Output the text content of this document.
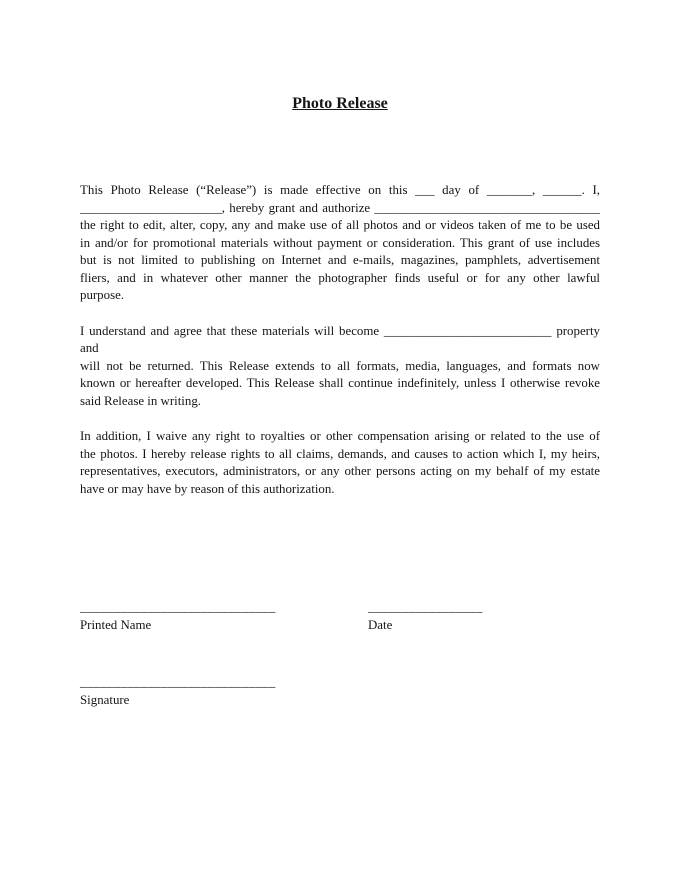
Photo Release
This Photo Release (“Release”) is made effective on this ___ day of _______, ______. I,
______________________, hereby grant and authorize ___________________________________
the right to edit, alter, copy, any and make use of all photos and or videos taken of me to be used
in and/or for promotional materials without payment or consideration. This grant of use includes
but is not limited to publishing on Internet and e-mails, magazines, pamphlets, advertisement
fliers, and in whatever other manner the photographer finds useful or for any other lawful
purpose.
I understand and agree that these materials will become __________________________ property and
will not be returned. This Release extends to all formats, media, languages, and formats now
known or hereafter developed. This Release shall continue indefinitely, unless I otherwise revoke
said Release in writing.
In addition, I waive any right to royalties or other compensation arising or related to the use of
the photos. I hereby release rights to all claims, demands, and causes to action which I, my heirs,
representatives, executors, administrators, or any other persons acting on my behalf of my estate
have or may have by reason of this authorization.
_____________________________
Printed Name
_________________
Date
_____________________________
Signature
